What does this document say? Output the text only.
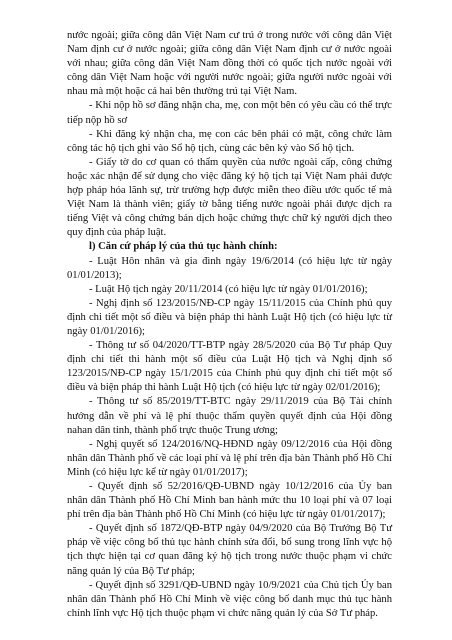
nước ngoài; giữa công dân Việt Nam cư trú ở trong nước với công dân Việt Nam định cư ở nước ngoài; giữa công dân Việt Nam định cư ở nước ngoài với nhau; giữa công dân Việt Nam đồng thời có quốc tịch nước ngoài với công dân Việt Nam hoặc với người nước ngoài; giữa người nước ngoài với nhau mà một hoặc cả hai bên thường trú tại Việt Nam.

- Khi nộp hồ sơ đăng nhận cha, mẹ, con một bên có yêu cầu có thể trực tiếp nộp hồ sơ

- Khi đăng ký nhận cha, mẹ con các bên phải có mặt, công chức làm công tác hộ tịch ghi vào Sổ hộ tịch, cùng các bên ký vào Sổ hộ tịch.

- Giấy tờ do cơ quan có thẩm quyền của nước ngoài cấp, công chứng hoặc xác nhận để sử dụng cho việc đăng ký hộ tịch tại Việt Nam phải được hợp pháp hóa lãnh sự, trừ trường hợp được miễn theo điều ước quốc tế mà Việt Nam là thành viên; giấy tờ bằng tiếng nước ngoài phải được dịch ra tiếng Việt và công chứng bản dịch hoặc chứng thực chữ ký người dịch theo quy định của pháp luật.

l) Căn cứ pháp lý của thủ tục hành chính:

- Luật Hôn nhân và gia đình ngày 19/6/2014 (có hiệu lực từ ngày 01/01/2013);

- Luật Hộ tịch ngày 20/11/2014 (có hiệu lực từ ngày 01/01/2016);

- Nghị định số 123/2015/NĐ-CP ngày 15/11/2015 của Chính phủ quy định chi tiết một số điều và biện pháp thi hành Luật Hộ tịch (có hiệu lực từ ngày 01/01/2016);

- Thông tư số 04/2020/TT-BTP ngày 28/5/2020 của Bộ Tư pháp Quy định chi tiết thi hành một số điều của Luật Hộ tịch và Nghị định số 123/2015/NĐ-CP ngày 15/1/2015 của Chính phủ quy định chi tiết một số điều và biện pháp thi hành Luật Hộ tịch (có hiệu lực từ ngày 02/01/2016);

- Thông tư số 85/2019/TT-BTC ngày 29/11/2019 của Bộ Tài chính hướng dẫn về phí và lệ phí thuộc thẩm quyền quyết định của Hội đồng nahan dân tỉnh, thành phố trực thuộc Trung ương;

- Nghị quyết số 124/2016/NQ-HĐND ngày 09/12/2016 của Hội đồng nhân dân Thành phố về các loại phí và lệ phí trên địa bàn Thành phố Hồ Chí Minh (có hiệu lực kể từ ngày 01/01/2017);

- Quyết định số 52/2016/QĐ-UBND ngày 10/12/2016 của Ủy ban nhân dân Thành phố Hồ Chí Minh ban hành mức thu 10 loại phí và 07 loại phí trên địa bàn Thành phố Hồ Chí Minh (có hiệu lực từ ngày 01/01/2017);

- Quyết định số 1872/QĐ-BTP ngày 04/9/2020 của Bộ Trưởng Bộ Tư pháp về việc công bố thủ tục hành chính sửa đổi, bổ sung trong lĩnh vực hộ tịch thực hiện tại cơ quan đăng ký hộ tịch trong nước thuộc phạm vi chức năng quản lý của Bộ Tư pháp;

- Quyết định số 3291/QĐ-UBND ngày 10/9/2021 của Chủ tịch Ủy ban nhân dân Thành phố Hồ Chí Minh về việc công bố danh mục thủ tục hành chính lĩnh vực Hộ tịch thuộc phạm vi chức năng quản lý của Sở Tư pháp.
